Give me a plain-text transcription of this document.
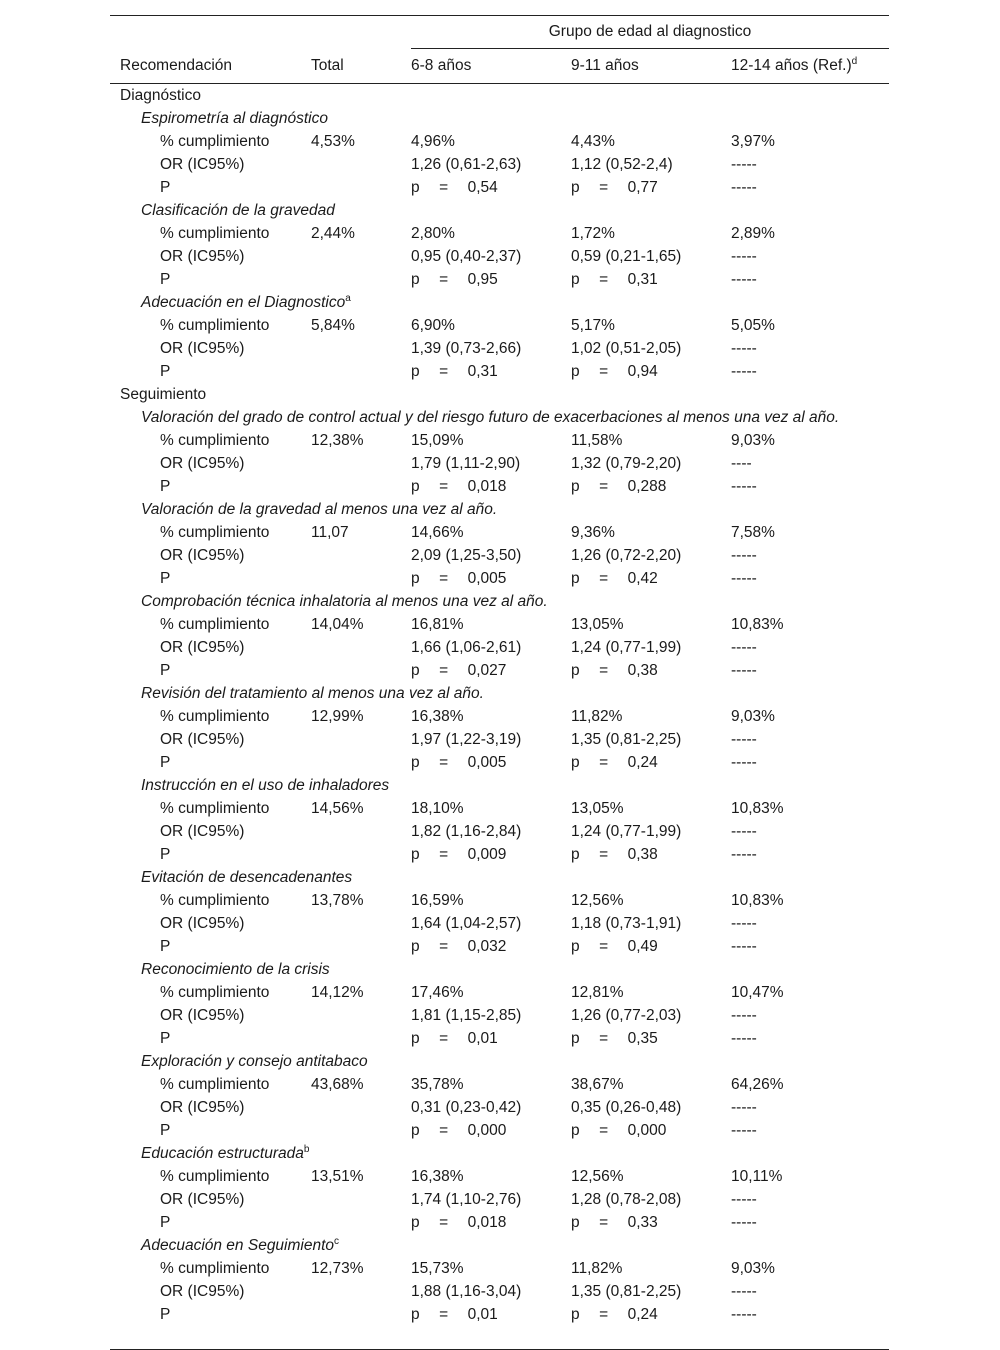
		Grupo de edad al diagnostico		
Recomendación	Total	6-8 años	9-11 años	12-14 años $(Ref.)^d$
Diagnóstico				
Espirometría al diagnóstico				
% cumplimiento	4,53%	4,96%	4,43%	3,97%
OR (IC95%)		1,26 (0,61-2,63)	1,12 (0,52-2,4)	-----
P		p = 0,54	p = 0,77	-----
Clasificación de la gravedad				
% cumplimiento	2,44%	2,80%	1,72%	2,89%
OR (IC95%)		0,95 (0,40-2,37)	0,59 (0,21-1,65)	-----
P		p = 0,95	p = 0,31	-----
Adecuación en el Diagnostico$^a$
% cumplimiento	5,84%	6,90%	5,17%	5,05%
OR (IC95%)		1,39 (0,73-2,66)	1,02 (0,51-2,05)	-----
P		p = 0,31	p = 0,94	-----
Seguimiento				
Valoración del grado de control actual y del riesgo futuro de exacerbaciones al menos una vez al año.				
% cumplimiento	12,38%	15,09%	11,58%	9,03%
OR (IC95%)		1,79 (1,11-2,90)	1,32 (0,79-2,20)	----
P		p = 0,018	p = 0,288	-----
Valoración de la gravedad al menos una vez al año.				
% cumplimiento	11,07	14,66%	9,36%	7,58%
OR (IC95%)		2,09 (1,25-3,50)	1,26 (0,72-2,20)	-----
P		p = 0,005	p = 0,42	-----
Comprobación técnica inhalatoria al menos una vez al año.				
% cumplimiento	14,04%	16,81%	13,05%	10,83%
OR (IC95%)		1,66 (1,06-2,61)	1,24 (0,77-1,99)	-----
P		p = 0,027	p = 0,38	-----
Revisión del tratamiento al menos una vez al año.				
% cumplimiento	12,99%	16,38%	11,82%	9,03%
OR (IC95%)		1,97 (1,22-3,19)	1,35 (0,81-2,25)	-----
P		p = 0,005	p = 0,24	-----
Instrucción en el uso de inhaladores				
% cumplimiento	14,56%	18,10%	13,05%	10,83%
OR (IC95%)		1,82 (1,16-2,84)	1,24 (0,77-1,99)	-----
P		p = 0,009	p = 0,38	-----
Evitación de desencadenantes				
% cumplimiento	13,78%	16,59%	12,56%	10,83%
OR (IC95%)		1,64 (1,04-2,57)	1,18 (0,73-1,91)	-----
P		p = 0,032	p = 0,49	-----
Reconocimiento de la crisis				
% cumplimiento	14,12%	17,46%	12,81%	10,47%
OR (IC95%)		1,81 (1,15-2,85)	1,26 (0,77-2,03)	-----
P		p = 0,01	p = 0,35	-----
Exploración y consejo antitabaco				
% cumplimiento	43,68%	35,78%	38,67%	64,26%
OR (IC95%)		0,31 (0,23-0,42)	0,35 (0,26-0,48)	-----
P		p = 0,000	p = 0,000	-----
Educación estructurada$^b$
% cumplimiento	13,51%	16,38%	12,56%	10,11%
OR (IC95%)		1,74 (1,10-2,76)	1,28 (0,78-2,08)	-----
P		p = 0,018	p = 0,33	-----
Adecuación en Seguimiento$^c$
% cumplimiento	12,73%	15,73%	11,82%	9,03%
OR (IC95%)		1,88 (1,16-3,04)	1,35 (0,81-2,25)	-----
P		p = 0,01	p = 0,24	-----
